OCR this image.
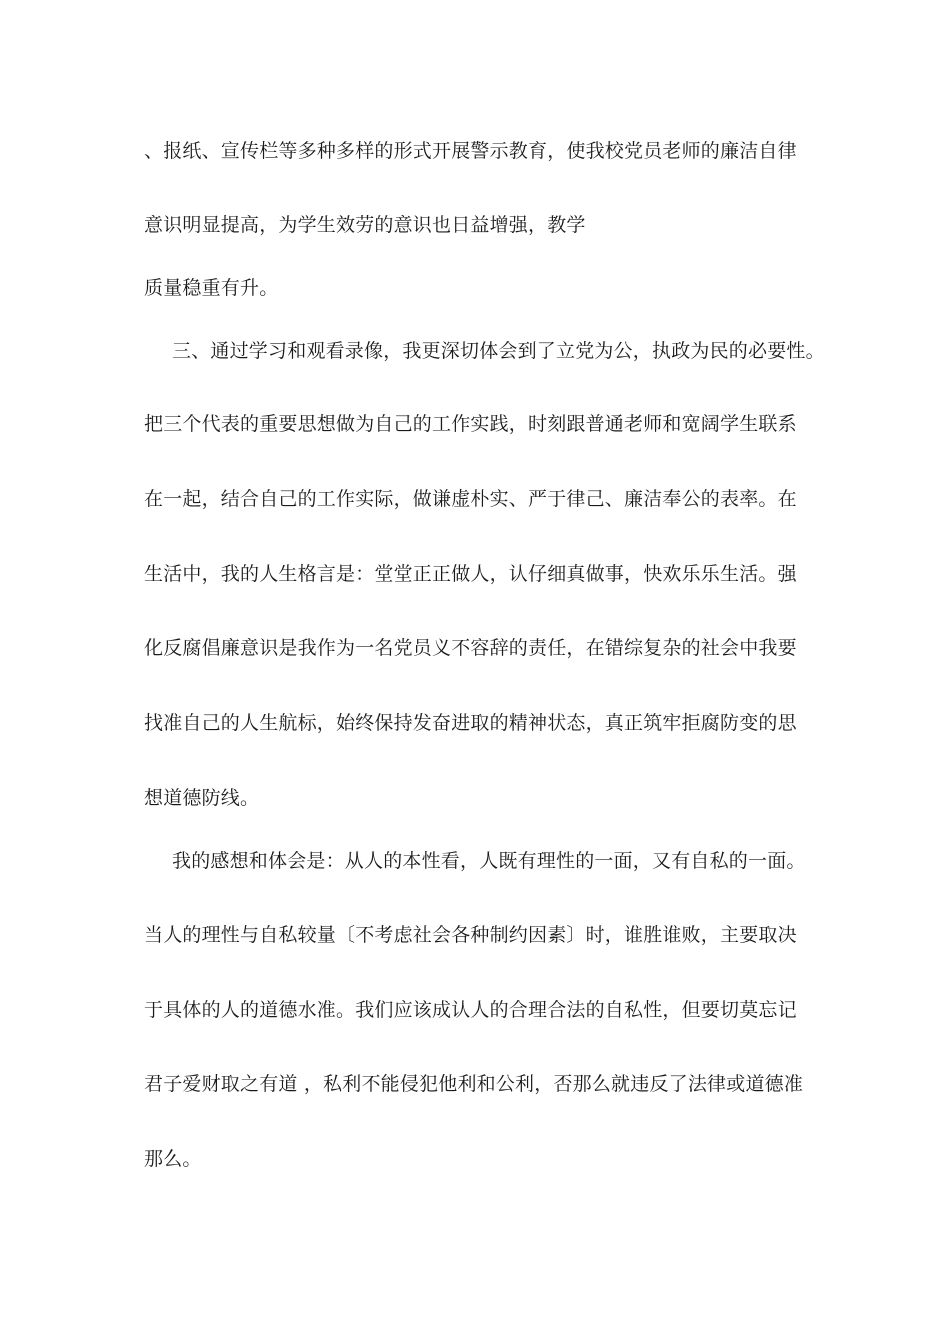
、报纸、宣传栏等多种多样的形式开展警示教育，使我校党员老师的廉洁自律
意识明显提高，为学生效劳的意识也日益增强，教学
质量稳重有升。
三、通过学习和观看录像，我更深切体会到了立党为公，执政为民的必要性。
把三个代表的重要思想做为自己的工作实践，时刻跟普通老师和宽阔学生联系
在一起，结合自己的工作实际，做谦虚朴实、严于律己、廉洁奉公的表率。在
生活中，我的人生格言是：堂堂正正做人，认仔细真做事，快欢乐乐生活。强
化反腐倡廉意识是我作为一名党员义不容辞的责任，在错综复杂的社会中我要
找准自己的人生航标，始终保持发奋进取的精神状态，真正筑牢拒腐防变的思
想道德防线。
我的感想和体会是：从人的本性看，人既有理性的一面，又有自私的一面。
当人的理性与自私较量〔不考虑社会各种制约因素〕时，谁胜谁败，主要取决
于具体的人的道德水准。我们应该成认人的合理合法的自私性，但要切莫忘记
君子爱财取之有道 ，私利不能侵犯他利和公利，否那么就违反了法律或道德准
那么。
